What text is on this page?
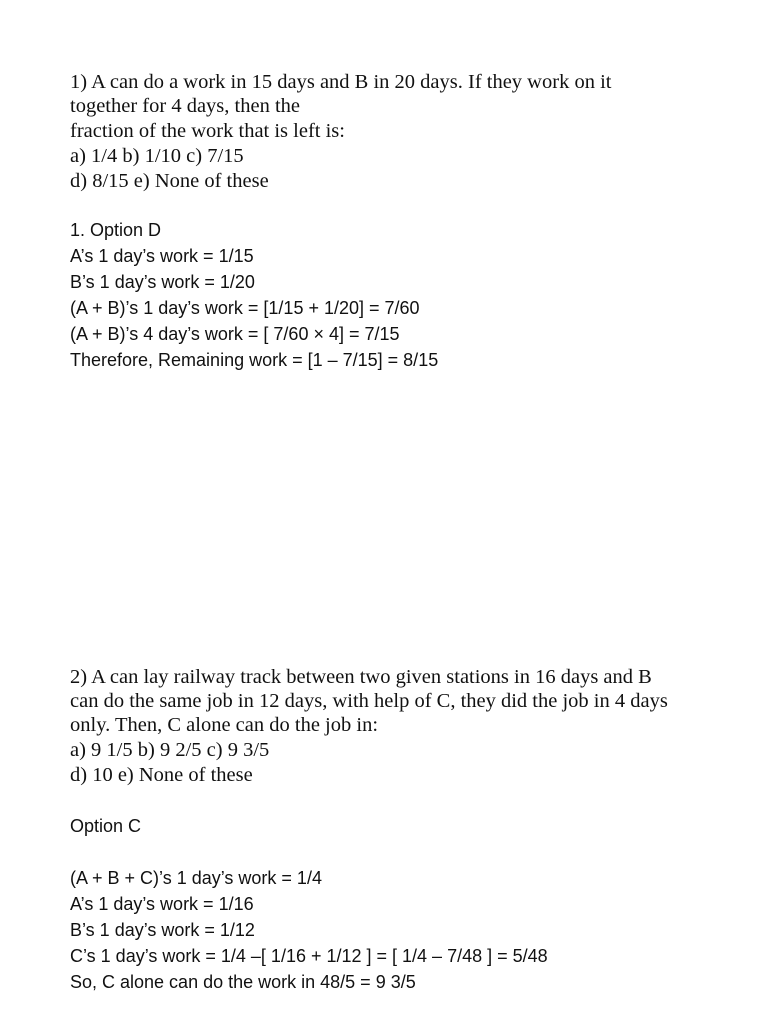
1) A can do a work in 15 days and B in 20 days. If they work on it

together for 4 days, then the

fraction of the work that is left is:

a) 1/4 b) 1/10 c) 7/15

d) 8/15 e) None of these

1. Option D

A’s 1 day’s work = 1/15

B’s 1 day’s work = 1/20

(A + B)’s 1 day’s work = [1/15 + 1/20] = 7/60

(A + B)’s 4 day’s work = [ 7/60 × 4] = 7/15

Therefore, Remaining work = [1 – 7/15] = 8/15

2) A can lay railway track between two given stations in 16 days and B

can do the same job in 12 days, with help of C, they did the job in 4 days

only. Then, C alone can do the job in:

a) 9 1/5 b) 9 2/5 c) 9 3/5

d) 10 e) None of these

Option C

(A + B + C)’s 1 day’s work = 1/4

A’s 1 day’s work = 1/16

B’s 1 day’s work = 1/12

C’s 1 day’s work = 1/4 –[ 1/16 + 1/12 ] = [ 1/4 – 7/48 ] = 5/48

So, C alone can do the work in 48/5 = 9 3/5
